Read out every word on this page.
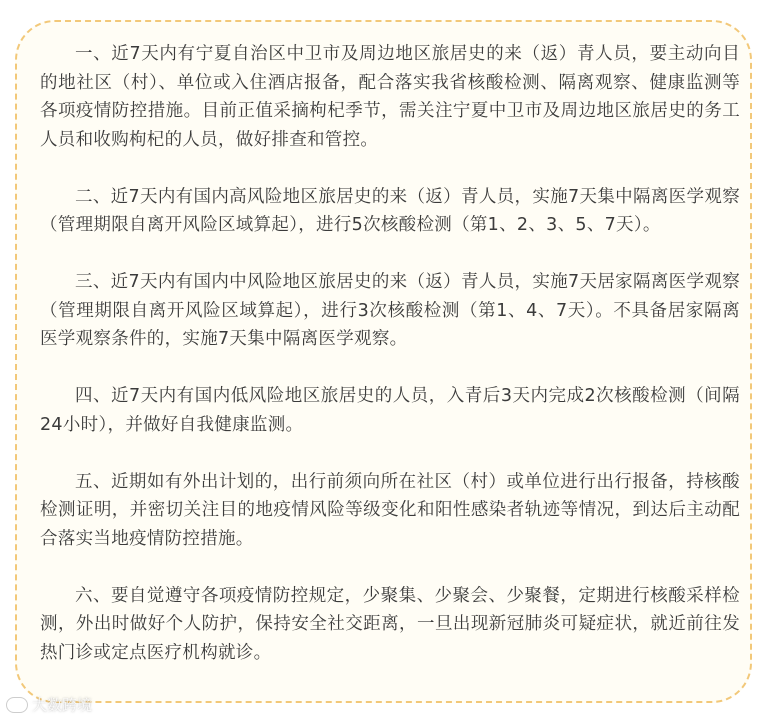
一、近7天内有宁夏自治区中卫市及周边地区旅居史的来（返）青人员，要主动向目的地社区（村）、单位或入住酒店报备，配合落实我省核酸检测、隔离观察、健康监测等各项疫情防控措施。目前正值采摘枸杞季节，需关注宁夏中卫市及周边地区旅居史的务工人员和收购枸杞的人员，做好排查和管控。

二、近7天内有国内高风险地区旅居史的来（返）青人员，实施7天集中隔离医学观察（管理期限自离开风险区域算起），进行5次核酸检测（第1、2、3、5、7天）。

三、近7天内有国内中风险地区旅居史的来（返）青人员，实施7天居家隔离医学观察（管理期限自离开风险区域算起），进行3次核酸检测（第1、4、7天）。不具备居家隔离医学观察条件的，实施7天集中隔离医学观察。

四、近7天内有国内低风险地区旅居史的人员，入青后3天内完成2次核酸检测（间隔24小时），并做好自我健康监测。

五、近期如有外出计划的，出行前须向所在社区（村）或单位进行出行报备，持核酸检测证明，并密切关注目的地疫情风险等级变化和阳性感染者轨迹等情况，到达后主动配合落实当地疫情防控措施。

六、要自觉遵守各项疫情防控规定，少聚集、少聚会、少聚餐，定期进行核酸采样检测，外出时做好个人防护，保持安全社交距离，一旦出现新冠肺炎可疑症状，就近前往发热门诊或定点医疗机构就诊。

大数跨境
